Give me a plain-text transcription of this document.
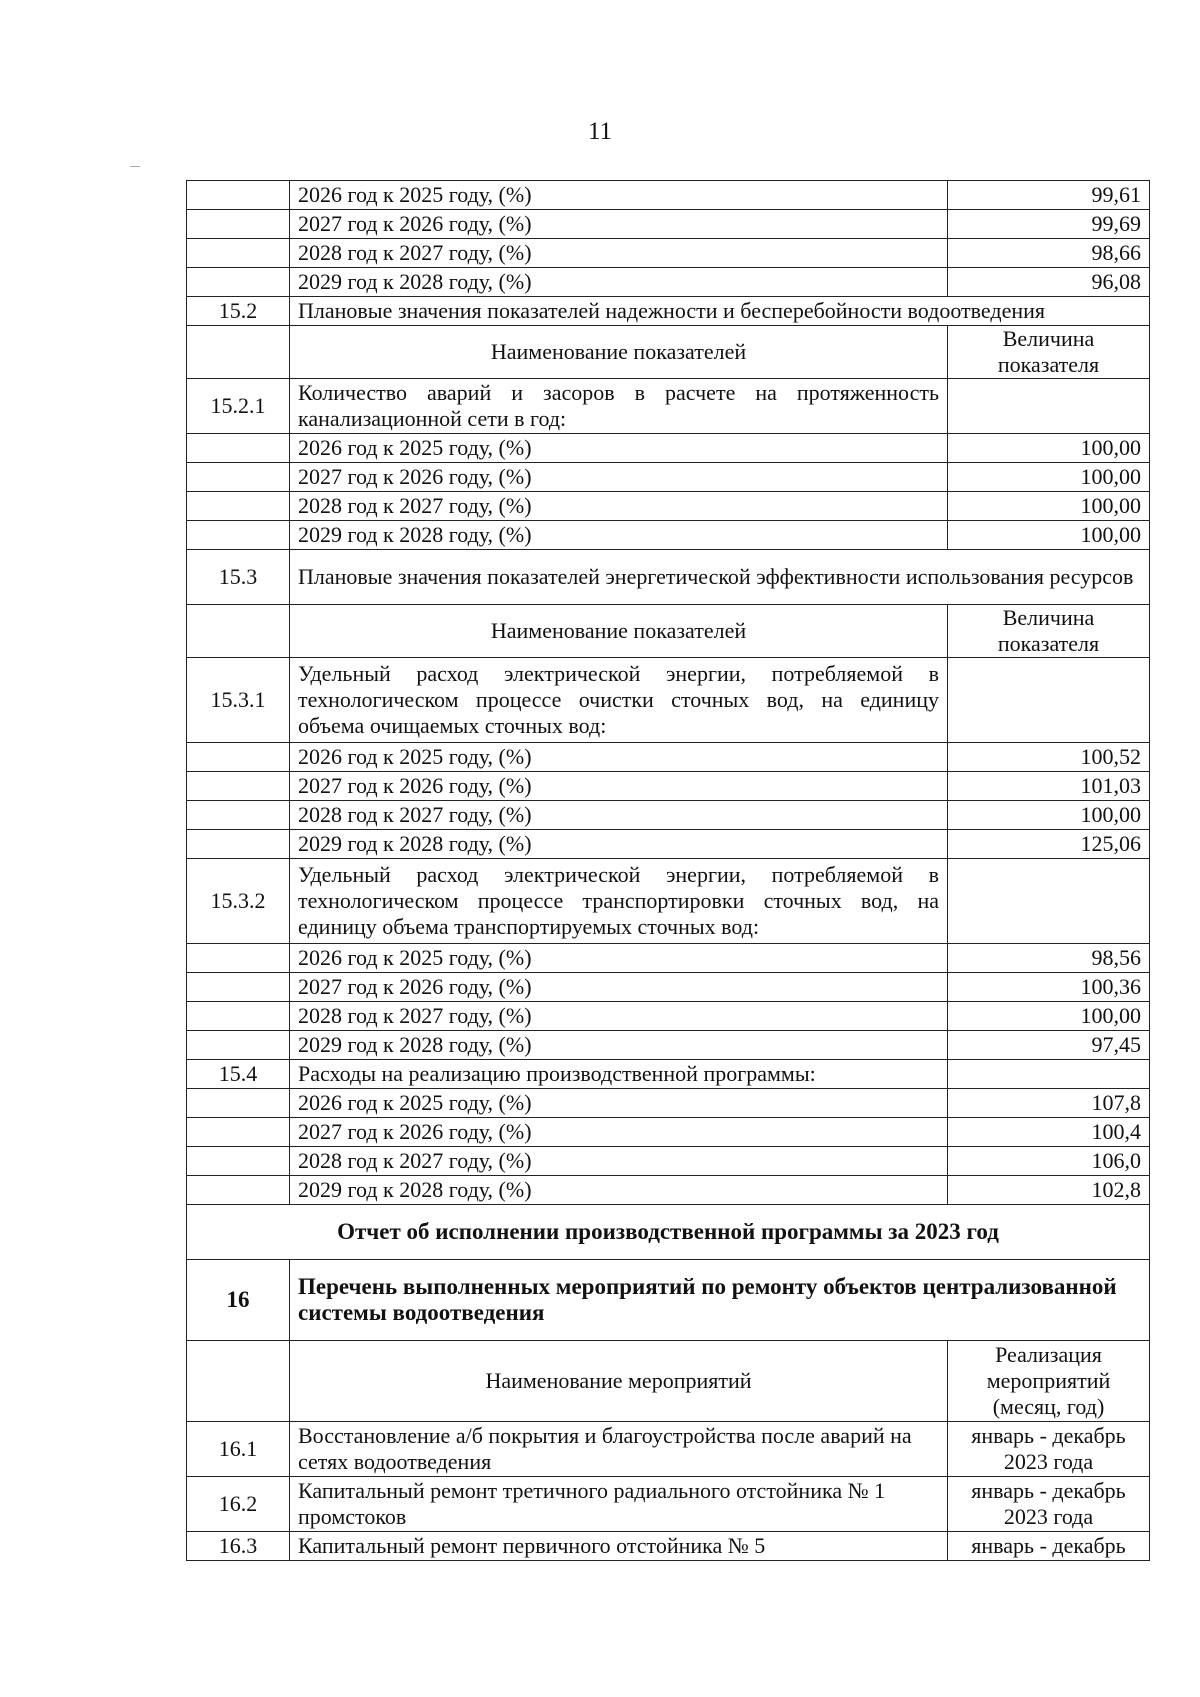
11
	2026 год к 2025 году, (%)	99,61
	2027 год к 2026 году, (%)	99,69
	2028 год к 2027 году, (%)	98,66
	2029 год к 2028 году, (%)	96,08
15.2	Плановые значения показателей надежности и бесперебойности водоотведения	
	Наименование показателей	Величина показателя
15.2.1	Количество аварий и засоров в расчете на протяженность канализационной сети в год:	
	2026 год к 2025 году, (%)	100,00
	2027 год к 2026 году, (%)	100,00
	2028 год к 2027 году, (%)	100,00
	2029 год к 2028 году, (%)	100,00
15.3	Плановые значения показателей энергетической эффективности использования ресурсов	
	Наименование показателей	Величина показателя
15.3.1	Удельный расход электрической энергии, потребляемой в технологическом процессе очистки сточных вод, на единицу объема очищаемых сточных вод:	
	2026 год к 2025 году, (%)	100,52
	2027 год к 2026 году, (%)	101,03
	2028 год к 2027 году, (%)	100,00
	2029 год к 2028 году, (%)	125,06
15.3.2	Удельный расход электрической энергии, потребляемой в технологическом процессе транспортировки сточных вод, на единицу объема транспортируемых сточных вод:	
	2026 год к 2025 году, (%)	98,56
	2027 год к 2026 году, (%)	100,36
	2028 год к 2027 году, (%)	100,00
	2029 год к 2028 году, (%)	97,45
15.4	Расходы на реализацию производственной программы:	
	2026 год к 2025 году, (%)	107,8
	2027 год к 2026 году, (%)	100,4
	2028 год к 2027 году, (%)	106,0
	2029 год к 2028 году, (%)	102,8
Отчет об исполнении производственной программы за 2023 год		
16	Перечень выполненных мероприятий по ремонту объектов централизованной системы водоотведения	
	Наименование мероприятий	Реализация мероприятий (месяц, год)
16.1	Восстановление а/б покрытия и благоустройства после аварий на сетях водоотведения	январь - декабрь 2023 года
16.2	Капитальный ремонт третичного радиального отстойника № 1 промстоков	январь - декабрь 2023 года
16.3	Капитальный ремонт первичного отстойника № 5	январь - декабрь
